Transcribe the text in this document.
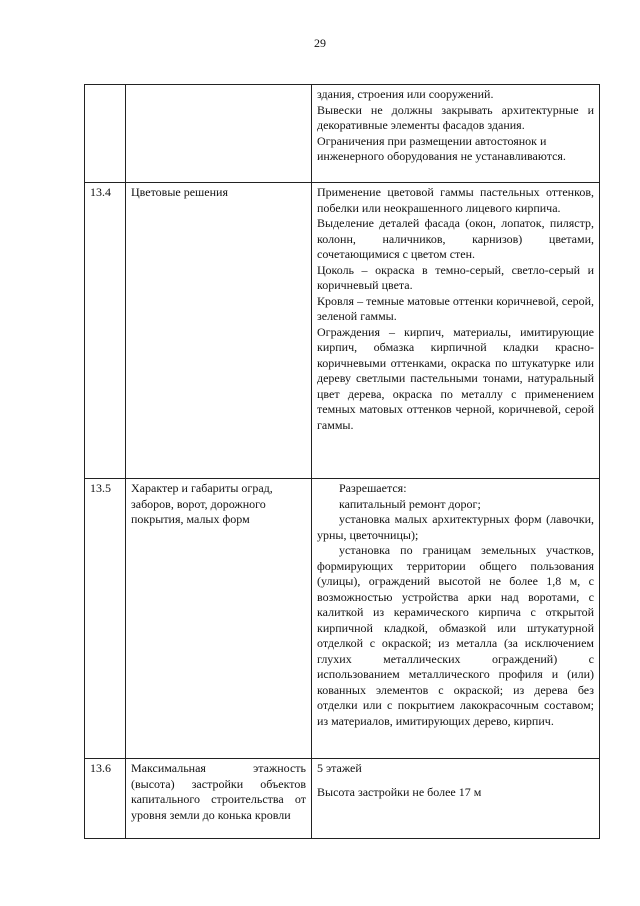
29

		здания, строения или сооружений.

Вывески не должны закрывать архитектурные и декоративные элементы фасадов здания.

Ограничения при размещении автостоянок и инженерного оборудования не устанавливаются.

13.4	Цветовые решения	Применение цветовой гаммы пастельных оттенков, побелки или неокрашенного лицевого кирпича.

Выделение деталей фасада (окон, лопаток, пилястр, колонн, наличников, карнизов) цветами, сочетающимися с цветом стен.

Цоколь – окраска в темно-серый, светло-серый и коричневый цвета.

Кровля – темные матовые оттенки коричневой, серой, зеленой гаммы.

Ограждения – кирпич, материалы, имитирующие кирпич, обмазка кирпичной кладки красно-коричневыми оттенками, окраска по штукатурке или дереву светлыми пастельными тонами, натуральный цвет дерева, окраска по металлу с применением темных матовых оттенков черной, коричневой, серой гаммы.

13.5	Характер и габариты оград, заборов, ворот, дорожного покрытия, малых форм	Разрешается:

капитальный ремонт дорог;

установка малых архитектурных форм (лавочки, урны, цветочницы);

установка по границам земельных участков, формирующих территории общего пользования (улицы), ограждений высотой не более 1,8 м, с возможностью устройства арки над воротами, с калиткой из керамического кирпича с открытой кирпичной кладкой, обмазкой или штукатурной отделкой с окраской; из металла (за исключением глухих металлических ограждений) с использованием металлического профиля и (или) кованных элементов с окраской; из дерева без отделки или с покрытием лакокрасочным составом; из материалов, имитирующих дерево, кирпич.

13.6	Максимальная этажность (высота) застройки объектов капитального строительства от уровня земли до конька кровли	5 этажей

Высота застройки не более 17 м
